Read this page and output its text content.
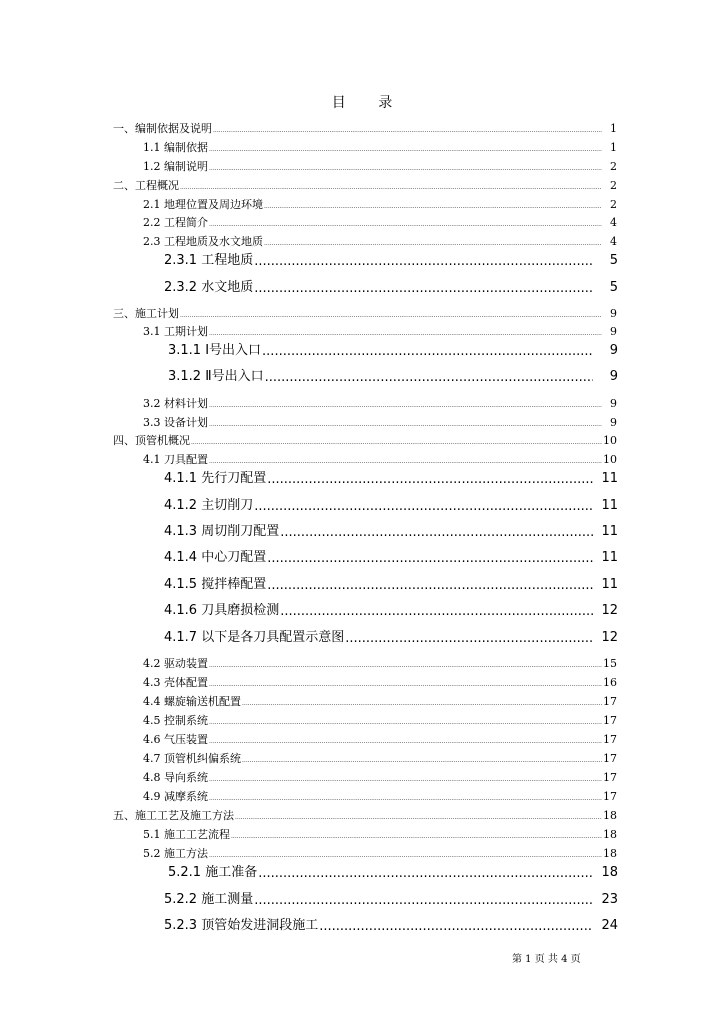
目 录
一、编制依据及说明 .....	1
1.1 编制依据 .....	1
1.2 编制说明 .....	2
二、工程概况 .....	2
2.1 地理位置及周边环境 .....	2
2.2 工程简介 .....	4
2.3 工程地质及水文地质 .....	4
2.3.1 工程地质 .....	5
2.3.2 水文地质 .....	5
三、施工计划 .....	9
3.1 工期计划 .....	9
3.1.1 Ⅰ号出入口 .....	9
3.1.2 Ⅱ号出入口 .....	9
3.2 材料计划 .....	9
3.3 设备计划 .....	9
四、顶管机概况 .....	10
4.1 刀具配置 .....	10
4.1.1 先行刀配置 .....	11
4.1.2 主切削刀 .....	11
4.1.3 周切削刀配置 .....	11
4.1.4 中心刀配置 .....	11
4.1.5 搅拌棒配置 .....	11
4.1.6 刀具磨损检测 .....	12
4.1.7 以下是各刀具配置示意图 .....	12
4.2 驱动装置 .....	15
4.3 壳体配置 .....	16
4.4 螺旋输送机配置 .....	17
4.5 控制系统 .....	17
4.6 气压装置 .....	17
4.7 顶管机纠偏系统 .....	17
4.8 导向系统 .....	17
4.9 减摩系统 .....	17
五、施工工艺及施工方法 .....	18
5.1 施工工艺流程 .....	18
5.2 施工方法 .....	18
5.2.1 施工准备 .....	18
5.2.2 施工测量 .....	23
5.2.3 顶管始发进洞段施工 .....	24
第 1 页 共 4 页
